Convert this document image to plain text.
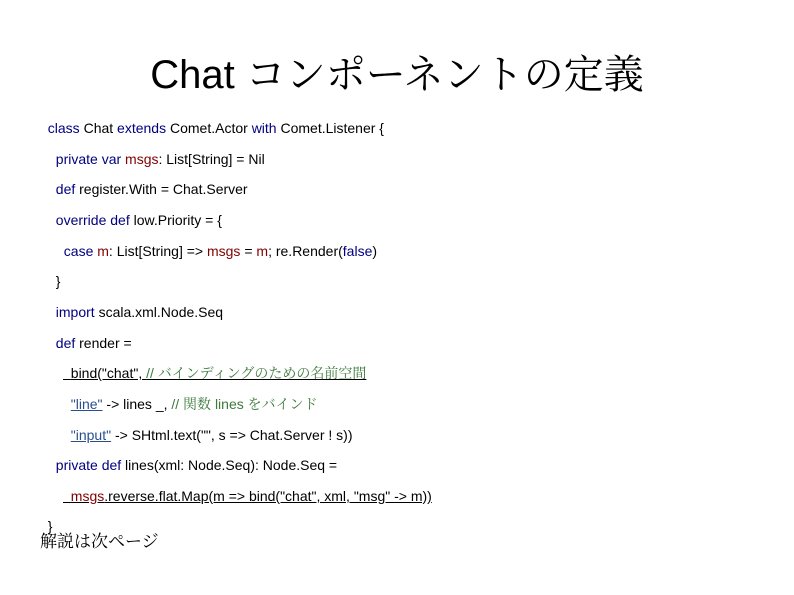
Chat コンポーネントの定義

class Chat extends Comet.Actor with Comet.Listener {

private var msgs: List[String] = Nil

def register.With = Chat.Server

override def low.Priority = {

case m: List[String] => msgs = m; re.Render(false)

}

import scala.xml.Node.Seq

def render =

bind("chat", // バインディングのための名前空間

"line" -> lines _, // 関数 lines をバインド

"input" -> SHtml.text("", s => Chat.Server ! s))

private def lines(xml: Node.Seq): Node.Seq =

msgs.reverse.flat.Map(m => bind("chat", xml, "msg" -> m))

}

解説は次ページ
